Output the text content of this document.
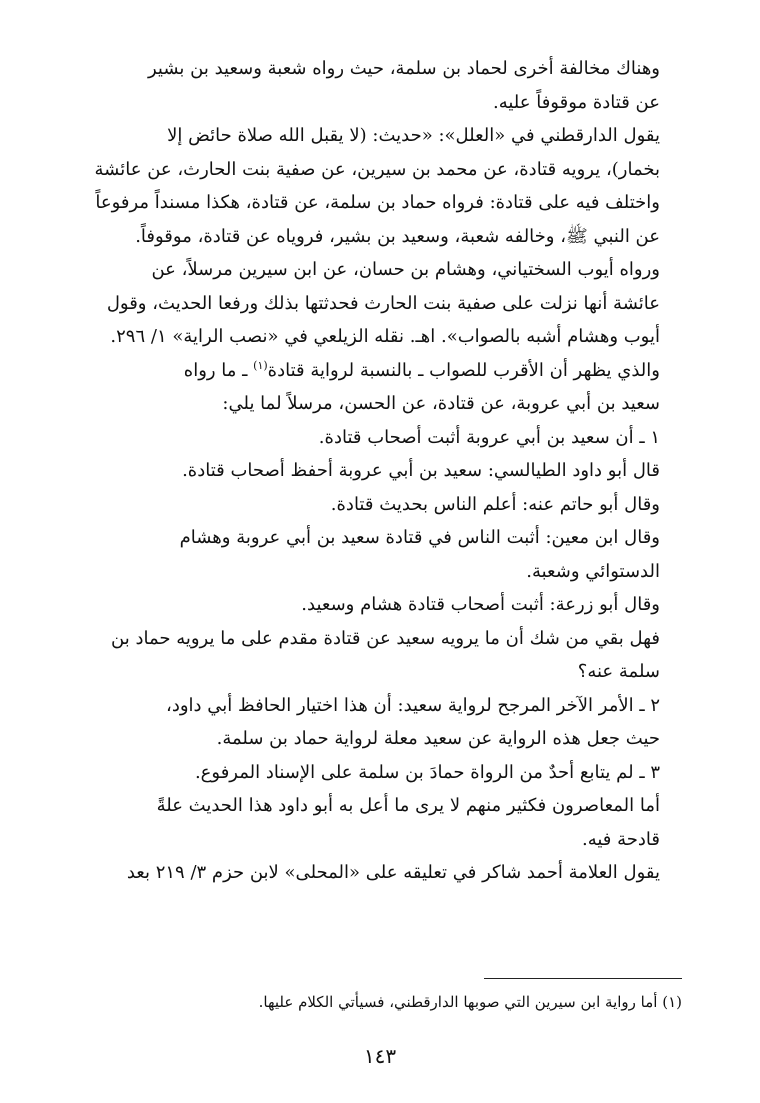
وهناك مخالفة أخرى لحماد بن سلمة، حيث رواه شعبة وسعيد بن بشير
عن قتادة موقوفاً عليه.

يقول الدارقطني في «العلل»: «حديث: (لا يقبل الله صلاة حائض إلا
بخمار)، يرويه قتادة، عن محمد بن سيرين، عن صفية بنت الحارث، عن عائشة
واختلف فيه على قتادة: فرواه حماد بن سلمة، عن قتادة، هكذا مسنداً مرفوعاً
عن النبي ﷺ، وخالفه شعبة، وسعيد بن بشير، فروياه عن قتادة، موقوفاً.

ورواه أيوب السختياني، وهشام بن حسان، عن ابن سيرين مرسلاً، عن
عائشة أنها نزلت على صفية بنت الحارث فحدثتها بذلك ورفعا الحديث، وقول
أيوب وهشام أشبه بالصواب». اهـ. نقله الزيلعي في «نصب الراية» ١/ ٢٩٦.

والذي يظهر أن الأقرب للصواب ـ بالنسبة لرواية قتادة$^{(١)}$ ـ ما رواه
سعيد بن أبي عروبة، عن قتادة، عن الحسن، مرسلاً لما يلي:

١ ـ أن سعيد بن أبي عروبة أثبت أصحاب قتادة.

قال أبو داود الطيالسي: سعيد بن أبي عروبة أحفظ أصحاب قتادة.

وقال أبو حاتم عنه: أعلم الناس بحديث قتادة.

وقال ابن معين: أثبت الناس في قتادة سعيد بن أبي عروبة وهشام
الدستوائي وشعبة.

وقال أبو زرعة: أثبت أصحاب قتادة هشام وسعيد.

فهل بقي من شك أن ما يرويه سعيد عن قتادة مقدم على ما يرويه حماد بن
سلمة عنه؟

٢ ـ الأمر الآخر المرجح لرواية سعيد: أن هذا اختيار الحافظ أبي داود،
حيث جعل هذه الرواية عن سعيد معلة لرواية حماد بن سلمة.

٣ ـ لم يتابع أحدٌ من الرواة حمادَ بن سلمة على الإسناد المرفوع.

أما المعاصرون فكثير منهم لا يرى ما أعل به أبو داود هذا الحديث علةً
قادحة فيه.

يقول العلامة أحمد شاكر في تعليقه على «المحلى» لابن حزم ٣/ ٢١٩ بعد

(١) أما رواية ابن سيرين التي صوبها الدارقطني، فسيأتي الكلام عليها.

١٤٣
